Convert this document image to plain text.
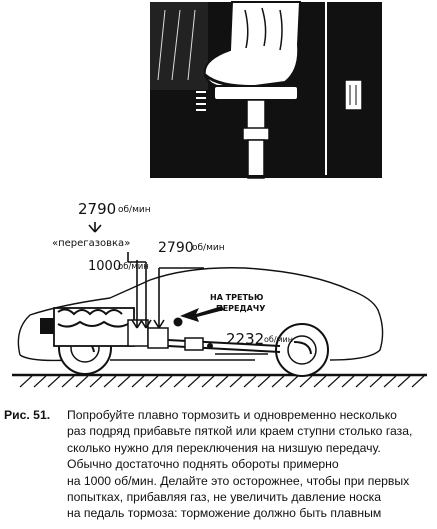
2790 об/мин
«перегазовка» 2790
об/мин
1000
об/мин
НА ТРЕТЬЮ
ПЕРЕДАЧУ
2232 об/мин
Рис. 51. Попробуйте плавно тормозить и одновременно несколько
раз подряд прибавьте пяткой или краем ступни столько газа,
сколько нужно для переключения на низшую передачу.
Обычно достаточно поднять обороты примерно
на 1000 об/мин. Делайте это осторожнее, чтобы при первых
попытках, прибавляя газ, не увеличить давление носка
на педаль тормоза: торможение должно быть плавным
